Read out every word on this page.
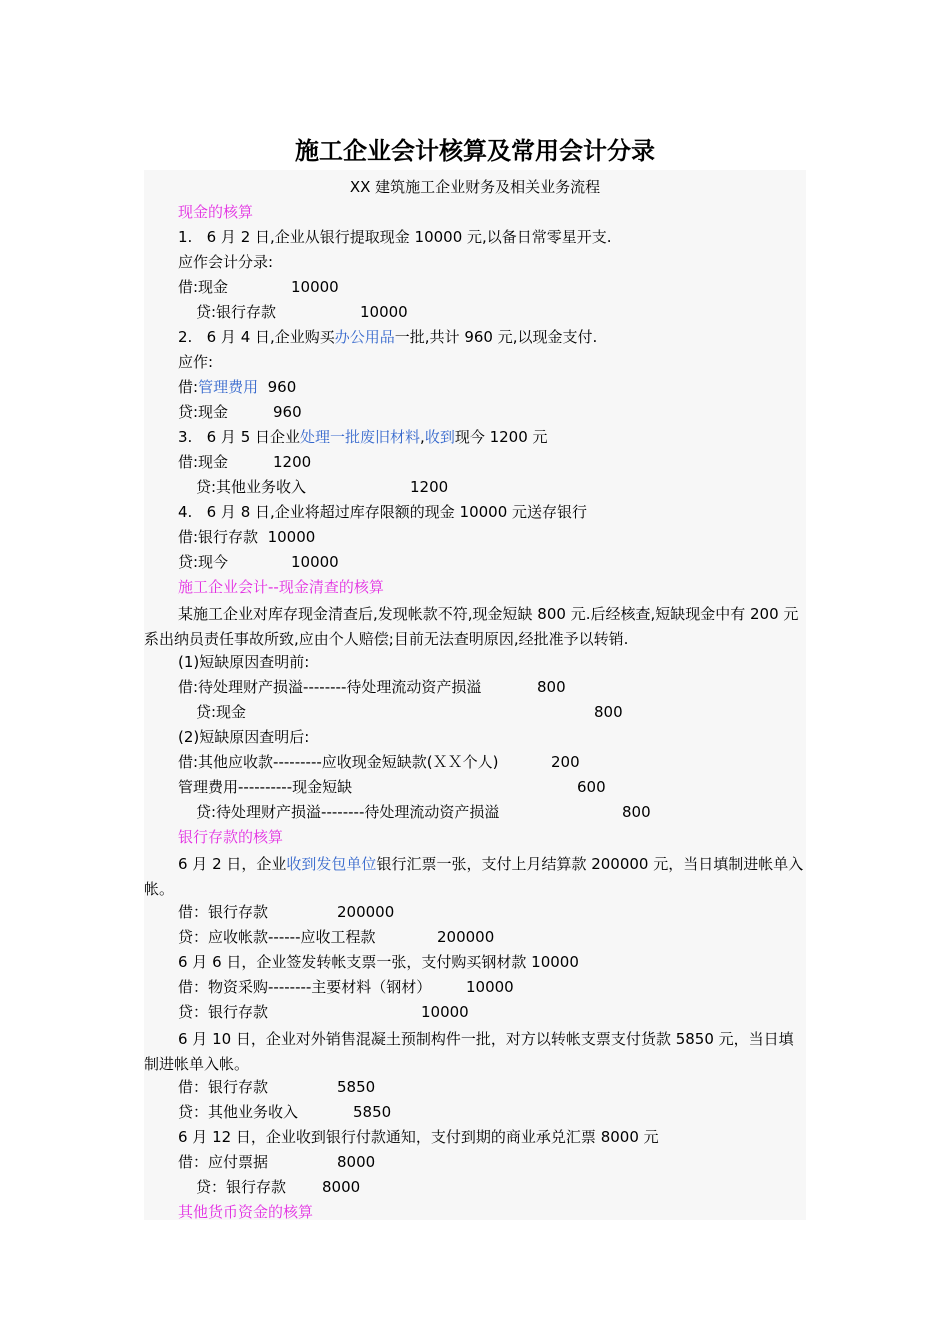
施工企业会计核算及常用会计分录
XX 建筑施工企业财务及相关业务流程
现金的核算
1.   6 月 2 日,企业从银行提取现金 10000 元,以备日常零星开支.
应作会计分录:
借:现金	10000
贷:银行存款	10000
2.   6 月 4 日,企业购买办公用品一批,共计 960 元,以现金支付.
应作:
借:管理费用  960
贷:现金	960
3.   6 月 5 日企业处理一批废旧材料,收到现今 1200 元
借:现金	1200
贷:其他业务收入	1200
4.   6 月 8 日,企业将超过库存限额的现金 10000 元送存银行
借:银行存款  10000
贷:现今	10000
施工企业会计--现金清查的核算
某施工企业对库存现金清查后,发现帐款不符,现金短缺 800 元.后经核查,短缺现金中有 200 元系出纳员责任事故所致,应由个人赔偿;目前无法查明原因,经批准予以转销.
(1)短缺原因查明前:
借:待处理财产损溢--------待处理流动资产损溢	800
贷:现金	800
(2)短缺原因查明后:
借:其他应收款---------应收现金短缺款(ＸＸ个人)	200
管理费用----------现金短缺	600
贷:待处理财产损溢--------待处理流动资产损溢	800
银行存款的核算
6 月 2 日，企业收到发包单位银行汇票一张，支付上月结算款 200000 元，当日填制进帐单入帐。
借：银行存款	200000
贷：应收帐款------应收工程款	200000
6 月 6 日，企业签发转帐支票一张，支付购买钢材款 10000
借：物资采购--------主要材料（钢材） 10000
贷：银行存款	10000
6 月 10 日，企业对外销售混凝土预制构件一批，对方以转帐支票支付货款 5850 元，当日填制进帐单入帐。
借：银行存款	5850
贷：其他业务收入	5850
6 月 12 日，企业收到银行付款通知，支付到期的商业承兑汇票 8000 元
借：应付票据	8000
贷：银行存款 8000
其他货币资金的核算
